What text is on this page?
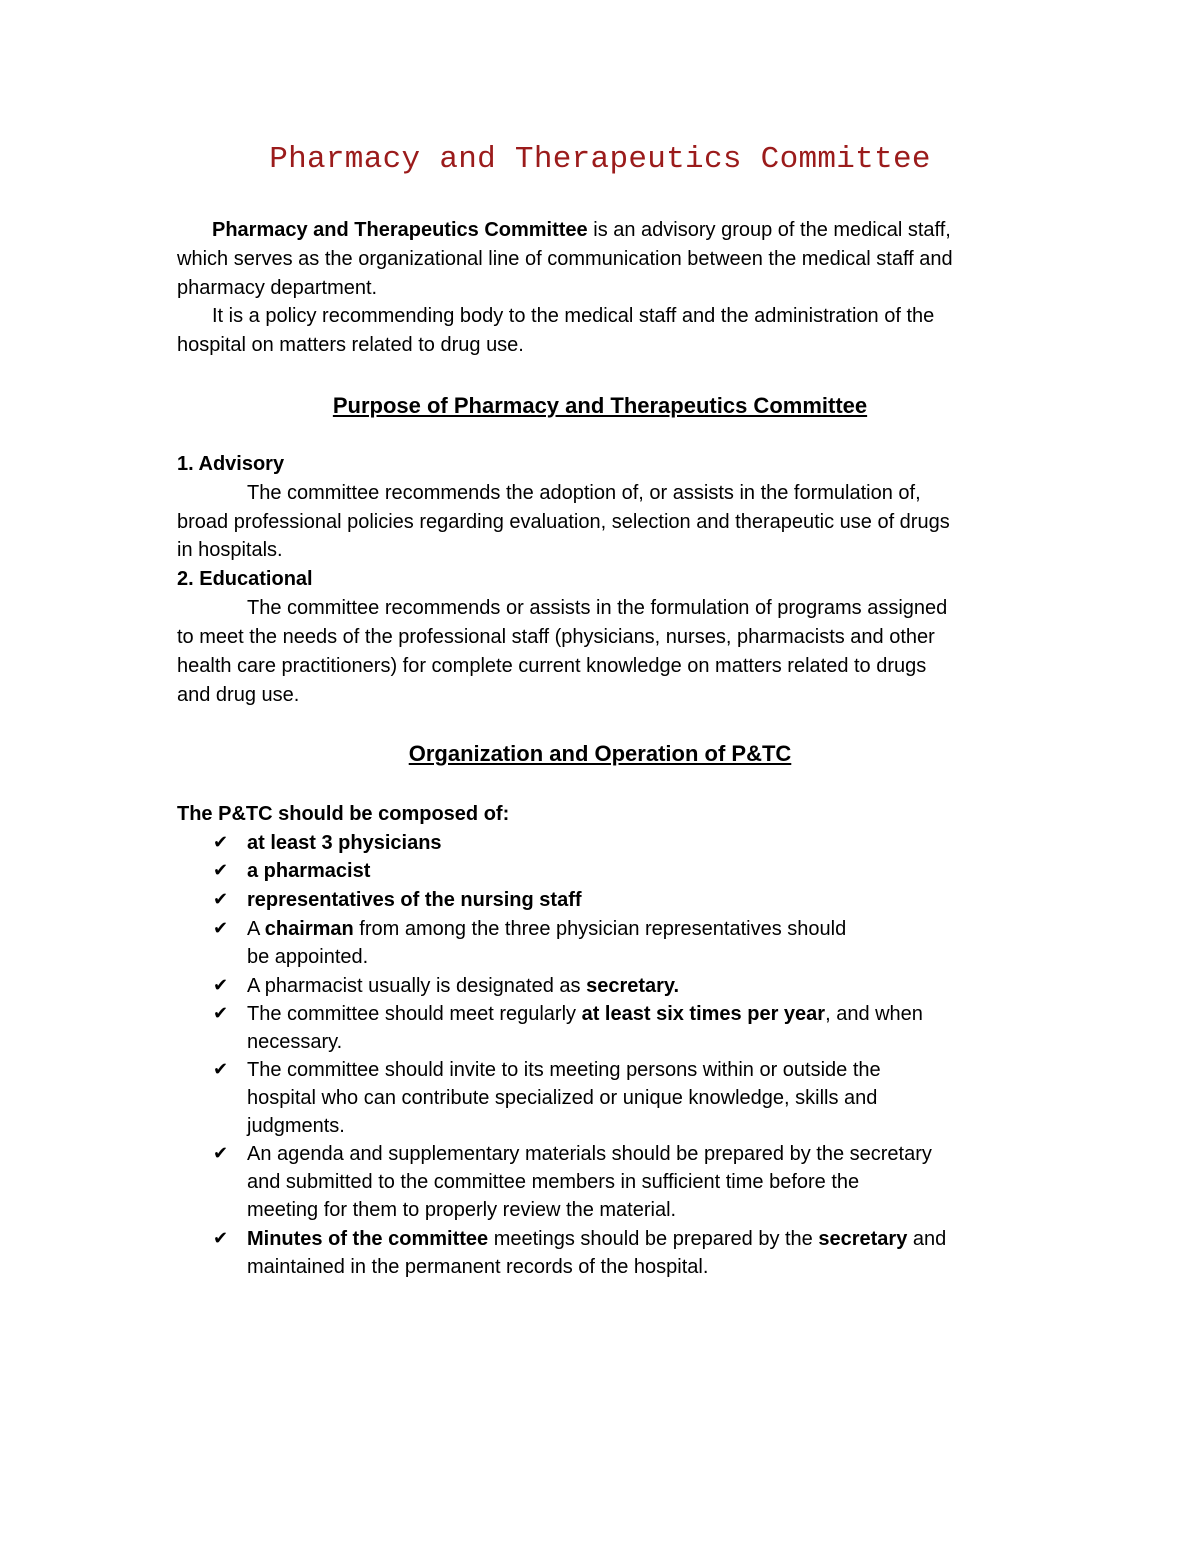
Pharmacy and Therapeutics Committee
Pharmacy and Therapeutics Committee is an advisory group of the medical staff,
which serves as the organizational line of communication between the medical staff and
pharmacy department.
It is a policy recommending body to the medical staff and the administration of the
hospital on matters related to drug use.
Purpose of Pharmacy and Therapeutics Committee
1. Advisory
The committee recommends the adoption of, or assists in the formulation of,
broad professional policies regarding evaluation, selection and therapeutic use of drugs
in hospitals.
2. Educational
The committee recommends or assists in the formulation of programs assigned
to meet the needs of the professional staff (physicians, nurses, pharmacists and other
health care practitioners) for complete current knowledge on matters related to drugs
and drug use.
Organization and Operation of P&TC
The P&TC should be composed of:
✔ at least 3 physicians
✔ a pharmacist
✔ representatives of the nursing staff
✔ A chairman from among the three physician representatives should
be appointed.
✔ A pharmacist usually is designated as secretary.
✔ The committee should meet regularly at least six times per year, and when
necessary.
✔ The committee should invite to its meeting persons within or outside the
hospital who can contribute specialized or unique knowledge, skills and
judgments.
✔ An agenda and supplementary materials should be prepared by the secretary
and submitted to the committee members in sufficient time before the
meeting for them to properly review the material.
✔ Minutes of the committee meetings should be prepared by the secretary and
maintained in the permanent records of the hospital.
